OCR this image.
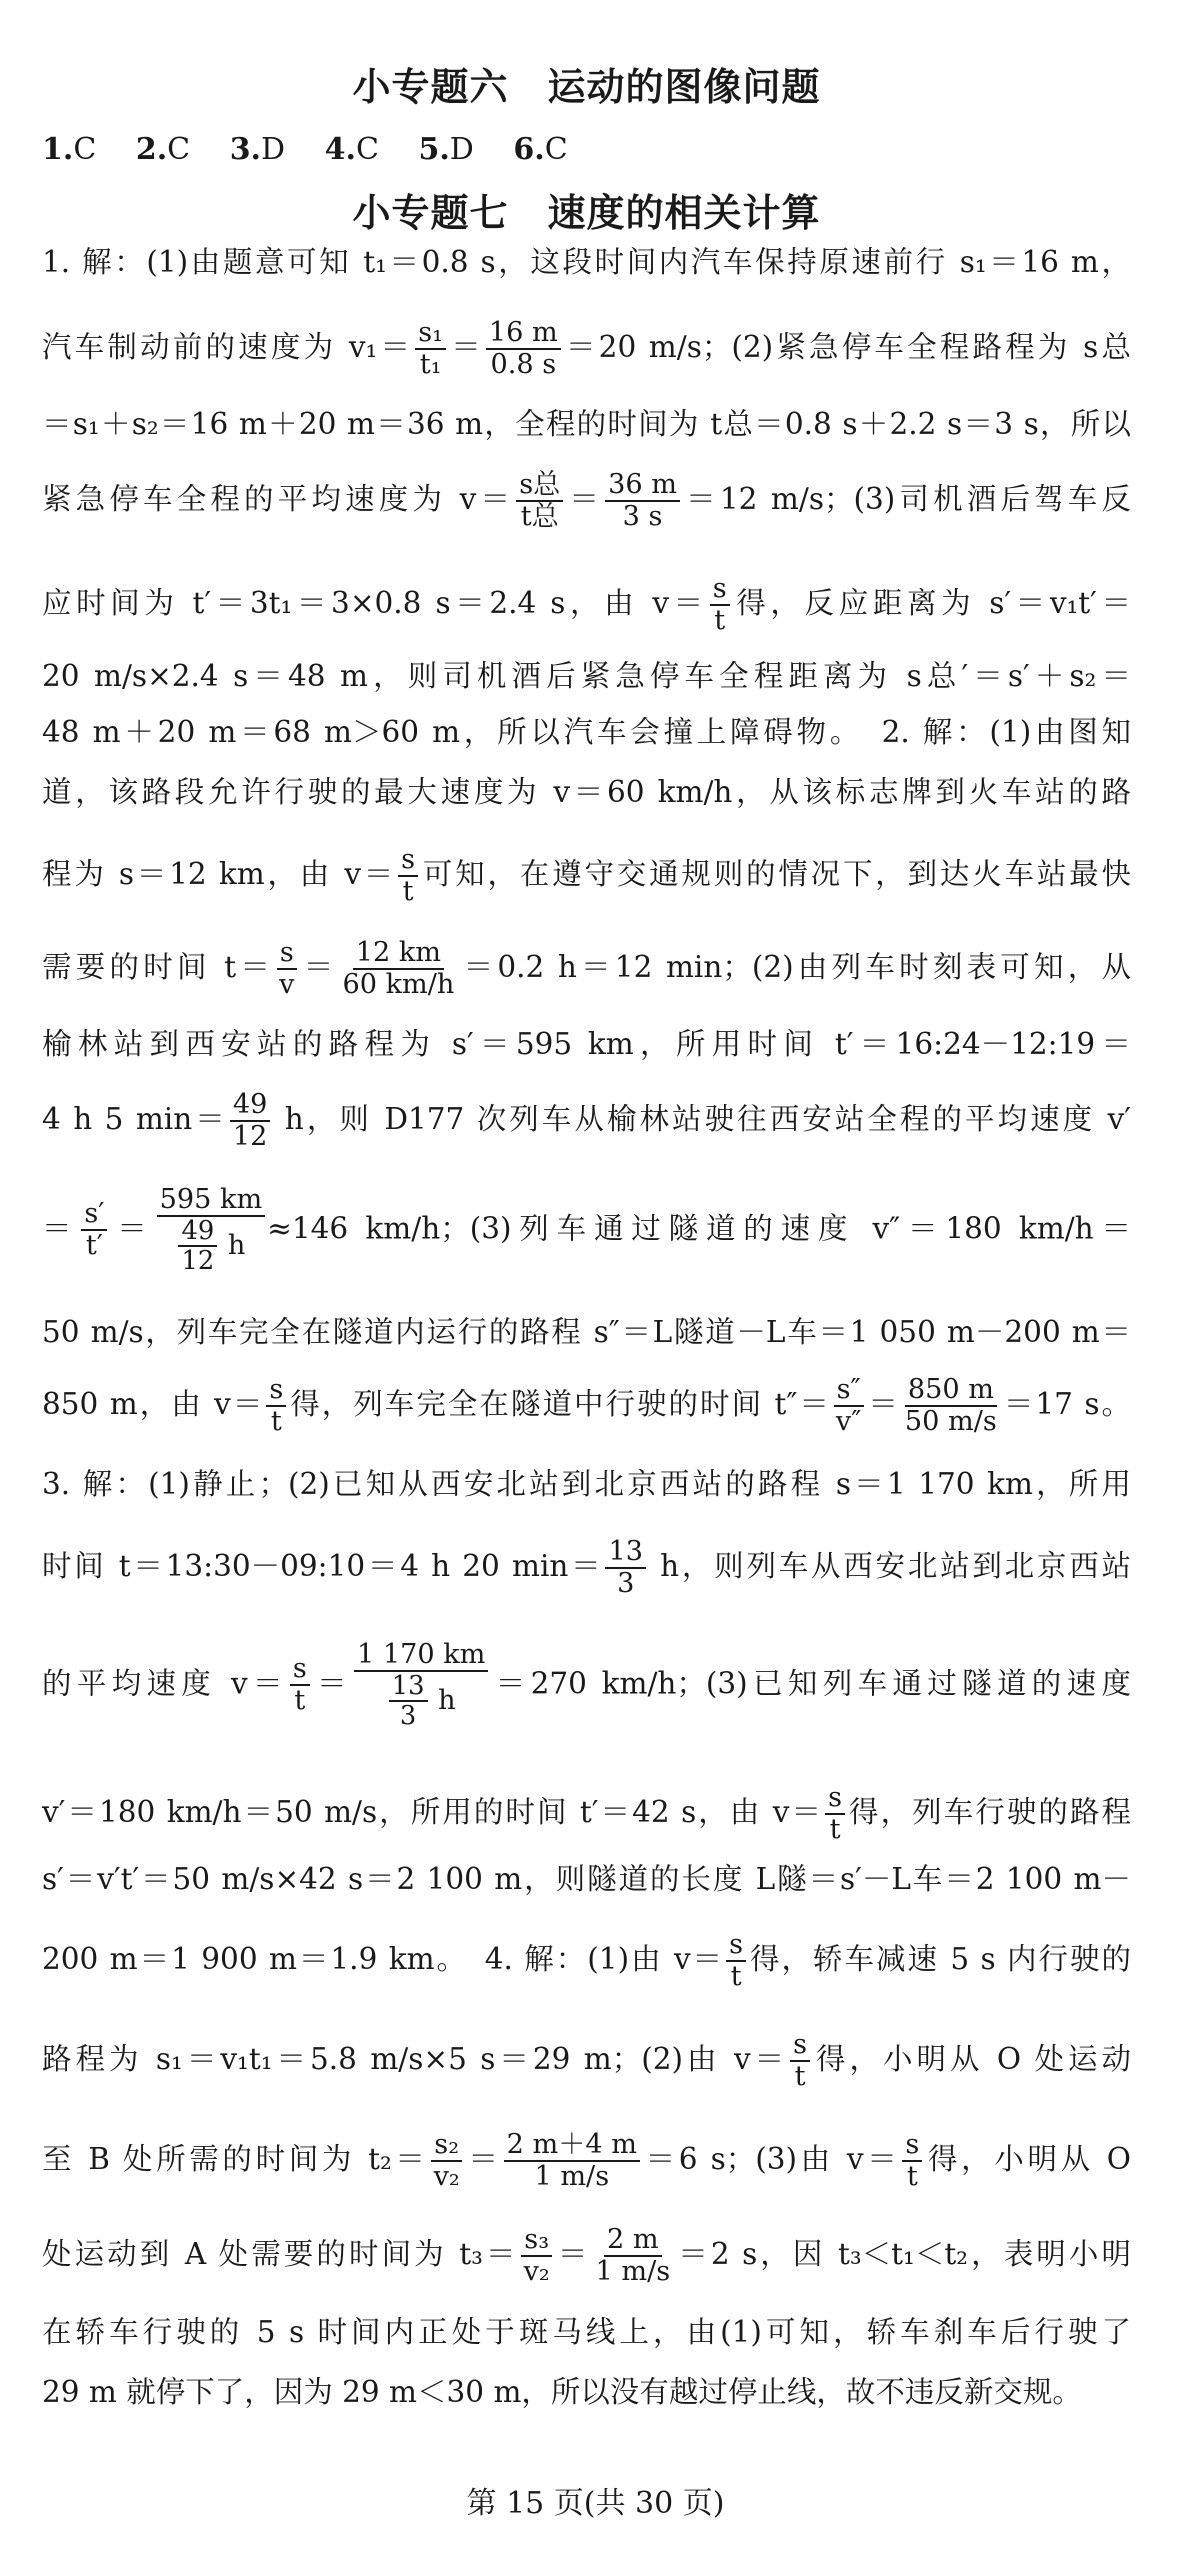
小专题六　运动的图像问题
1.C 2.C 3.D 4.C 5.D 6.C
小专题七　速度的相关计算
1. 解：(1)由题意可知 t₁＝0.8 s，这段时间内汽车保持原速前行 s₁＝16 m，
汽车制动前的速度为 $v_1= \frac{\text{s₁}}{\text{t₁}} = \frac{16 m}{0.8 s} =20$ m/s；(2)紧急停车全程路程为 s总
＝s₁＋s₂＝16 m＋20 m＝36 m，全程的时间为 t总＝0.8 s＋2.2 s＝3 s，所以
紧急停车全程的平均速度为 $v= \frac{\text{s总}}{\text{t总}} = \frac{36 m}{3 s} =12$ m/s；(3)司机酒后驾车反
应时间为 t′＝3t₁＝3×0.8 s＝2.4 s，由 $v= \frac{s}{t}$ 得，反应距离为 s′＝v₁t′＝
20 m/s×2.4 s＝48 m，则司机酒后紧急停车全程距离为 s总′＝s′＋s₂＝
48 m＋20 m＝68 m＞60 m，所以汽车会撞上障碍物。　2. 解：(1)由图知
道，该路段允许行驶的最大速度为 v＝60 km/h，从该标志牌到火车站的路
程为 s＝12 km，由 $v= \frac{s}{t}$ 可知，在遵守交通规则的情况下，到达火车站最快
需要的时间 $t= \frac{s}{v} = \frac{12 km}{60 km/h} =0.2$ h＝12 min；(2)由列车时刻表可知，从
榆林站到西安站的路程为 s′＝595 km，所用时间 t′＝16:24－12:19＝
4 h 5 $\min= \frac{49}{12}$ h，则 D177 次列车从榆林站驶往西安站全程的平均速度 v′
＝ $\frac{s'}{t'} = \frac{595 km}{\frac{49}{12} h} \approx 146$ km/h；(3)列车通过隧道的速度 v″＝180 km/h＝
50 m/s，列车完全在隧道内运行的路程 s″＝L隧道－L车＝1 050 m－200 m＝
850 m，由 $v= \frac{s}{t}$ 得，列车完全在隧道中行驶的时间 $t''= \frac{s''}{v''} = \frac{850 m}{50 m/s} =17$ s。
3. 解：(1)静止；(2)已知从西安北站到北京西站的路程 s＝1 170 km，所用
时间 t＝13:30－09:10＝4 h 20 $\min= \frac{13}{3}$ h，则列车从西安北站到北京西站
的平均速度 $v= \frac{s}{t} = \frac{1 170 km}{\frac{13}{3} h} =270$ km/h；(3)已知列车通过隧道的速度
v′＝180 km/h＝50 m/s，所用的时间 t′＝42 s，由 $v= \frac{s}{t}$ 得，列车行驶的路程
s′＝v′t′＝50 m/s×42 s＝2 100 m，则隧道的长度 L隧＝s′－L车＝2 100 m－
200 m＝1 900 m＝1.9 km。　4. 解：(1)由 $v= \frac{s}{t}$ 得，轿车减速 5 s 内行驶的
路程为 s₁＝v₁t₁＝5.8 m/s×5 s＝29 m；(2)由 $v= \frac{s}{t}$ 得，小明从 O 处运动
至 B 处所需的时间为 $t_2= \frac{\text{s₂}}{\text{v₂}} = \frac{2 m+4 m}{1 m/s} =6$ s；(3)由 $v= \frac{s}{t}$ 得，小明从 O
处运动到 A 处需要的时间为 $t_3= \frac{\text{s₃}}{\text{v₂}} = \frac{2 m}{1 m/s} =2$ s，因 t₃＜t₁＜t₂，表明小明
在轿车行驶的 5 s 时间内正处于斑马线上，由(1)可知，轿车刹车后行驶了
29 m 就停下了，因为 29 m＜30 m，所以没有越过停止线，故不违反新交规。
第 15 页(共 30 页)
